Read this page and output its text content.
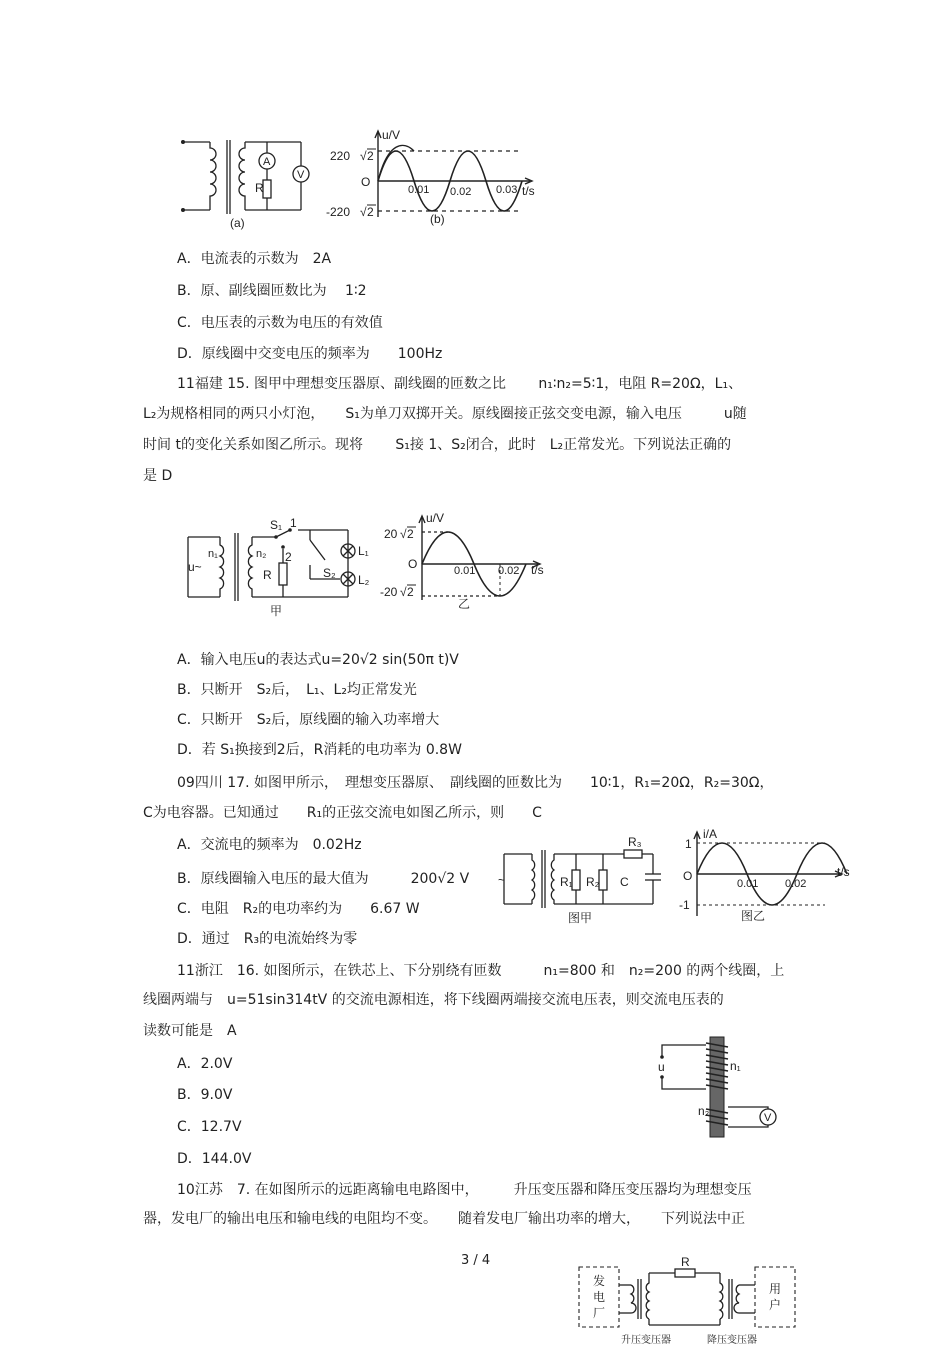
A
V
R
(a)
u/V
t/s
O
220 √ 2
-220 √ 2
0.01 0.02 0.03
(b)
A．电流表的示数为　2A
B．原、副线圈匝数比为　 1∶2
C．电压表的示数为电压的有效值
D．原线圈中交变电压的频率为　　100Hz
11福建 15. 图甲中理想变压器原、副线圈的匝数之比　　 n₁∶n₂=5∶1，电阻 R=20Ω，L₁、
L₂为规格相同的两只小灯泡，　　S₁为单刀双掷开关。原线圈接正弦交变电源，输入电压　　　u随
时间 t的变化关系如图乙所示。现将　　 S₁接 1、S₂闭合，此时　L₂正常发光。下列说法正确的
是 D
u~
n₁	n₂
S₁ 1
2
R	S₂
L₁
L₂
甲
u/V
t/s
O
20 √ 2
-20 √ 2
0.01 0.02
乙
A．输入电压u的表达式u=20√2 sin(50π t)V
B．只断开　S₂后，　L₁、L₂均正常发光
C．只断开　S₂后，原线圈的输入功率增大
D．若 S₁换接到2后，R消耗的电功率为 0.8W
09四川 17. 如图甲所示，　理想变压器原、　副线圈的匝数比为　　10∶1，R₁=20Ω，R₂=30Ω，
C为电容器。已知通过　　R₁的正弦交流电如图乙所示，则　　C
A．交流电的频率为　0.02Hz
B．原线圈输入电压的最大值为　　　200√2 V
C．电阻　R₂的电功率约为　　6.67 W
D．通过　R₃的电流始终为零
~
R₃
R₁ R₂ C
图甲
i/A
t/s
O
1
-1
0.01 0.02
图乙
11浙江　16. 如图所示，在铁芯上、下分别绕有匝数　　　n₁=800 和　n₂=200 的两个线圈，上
线圈两端与　u=51sin314tV 的交流电源相连，将下线圈两端接交流电压表，则交流电压表的
读数可能是　A
A．2.0V
B．9.0V
C．12.7V
D．144.0V
u	n₁
n₂	V
10江苏　7. 在如图所示的远距离输电电路图中，　　　升压变压器和降压变压器均为理想变压
器，发电厂的输出电压和输电线的电阻均不变。　　随着发电厂输出功率的增大，　　下列说法中正
3 / 4
发
电
厂
用
户
R
升压变压器	降压变压器
